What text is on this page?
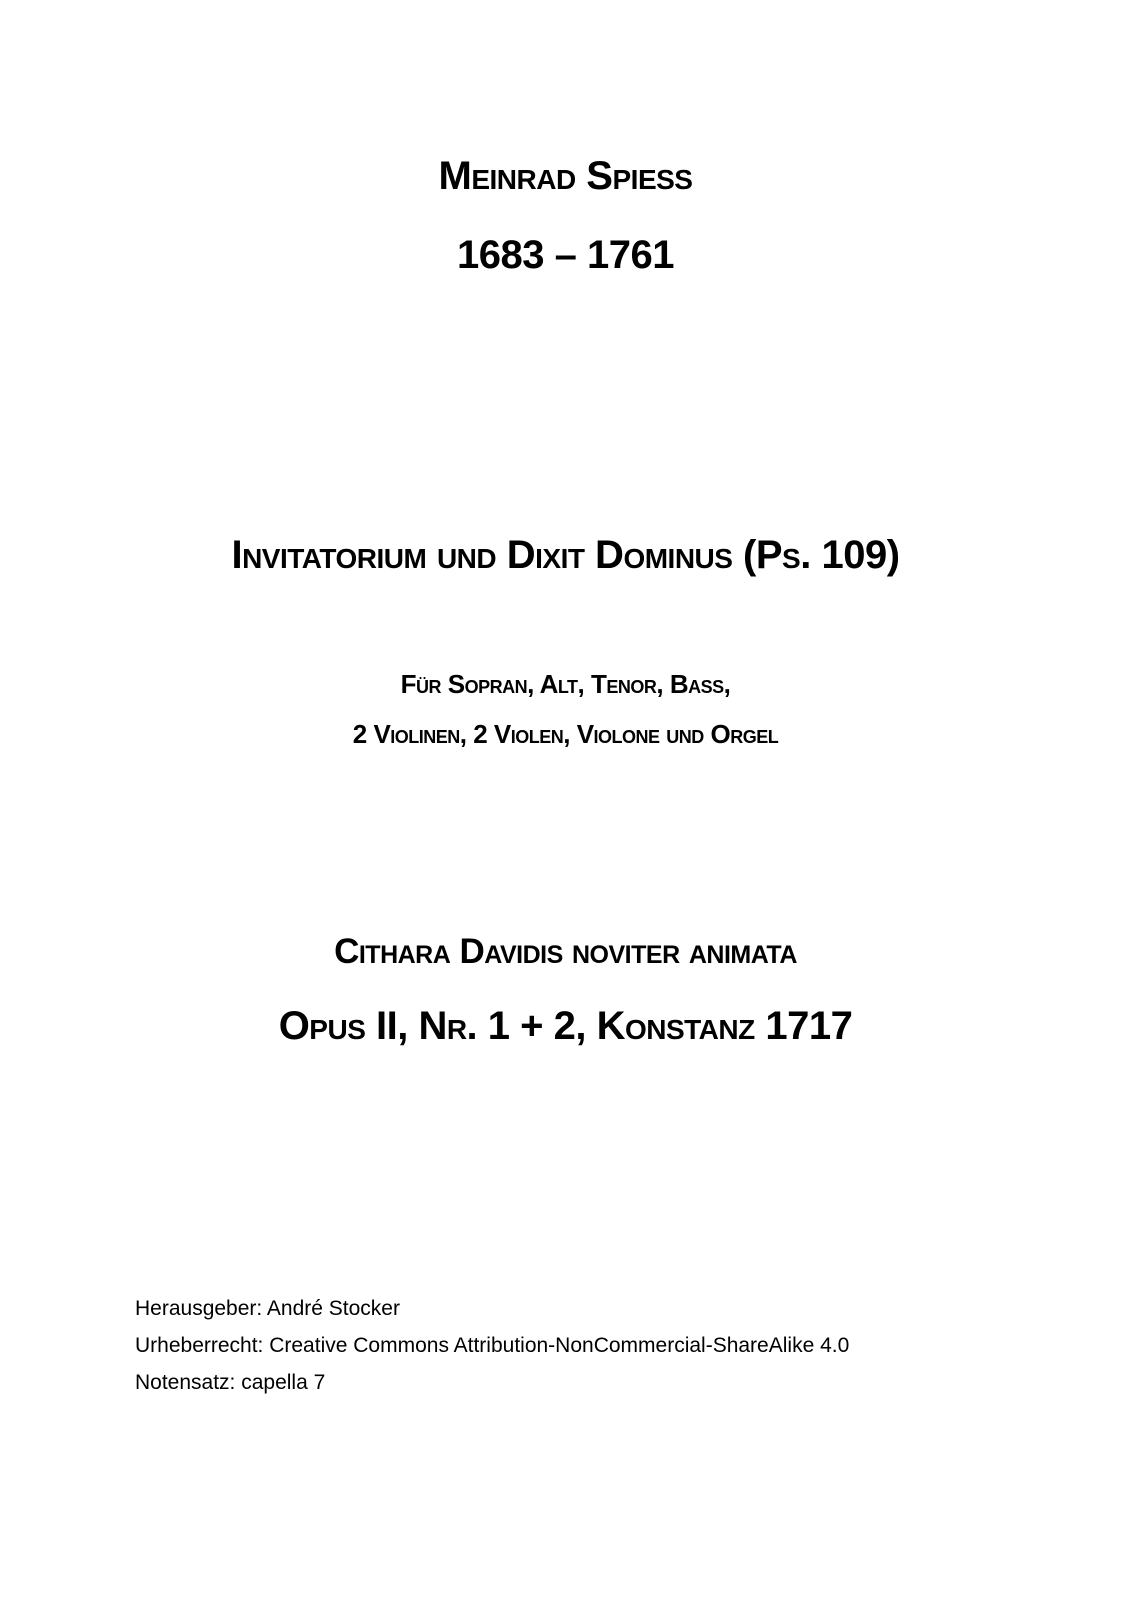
Meinrad Spiess
1683 – 1761
Invitatorium und Dixit Dominus (Ps. 109)
Für Sopran, Alt, Tenor, Bass,
2 Violinen, 2 Violen, Violone und Orgel
Cithara Davidis noviter animata
Opus II, Nr. 1 + 2, Konstanz 1717
Herausgeber: André Stocker
Urheberrecht: Creative Commons Attribution-NonCommercial-ShareAlike 4.0
Notensatz: capella 7
